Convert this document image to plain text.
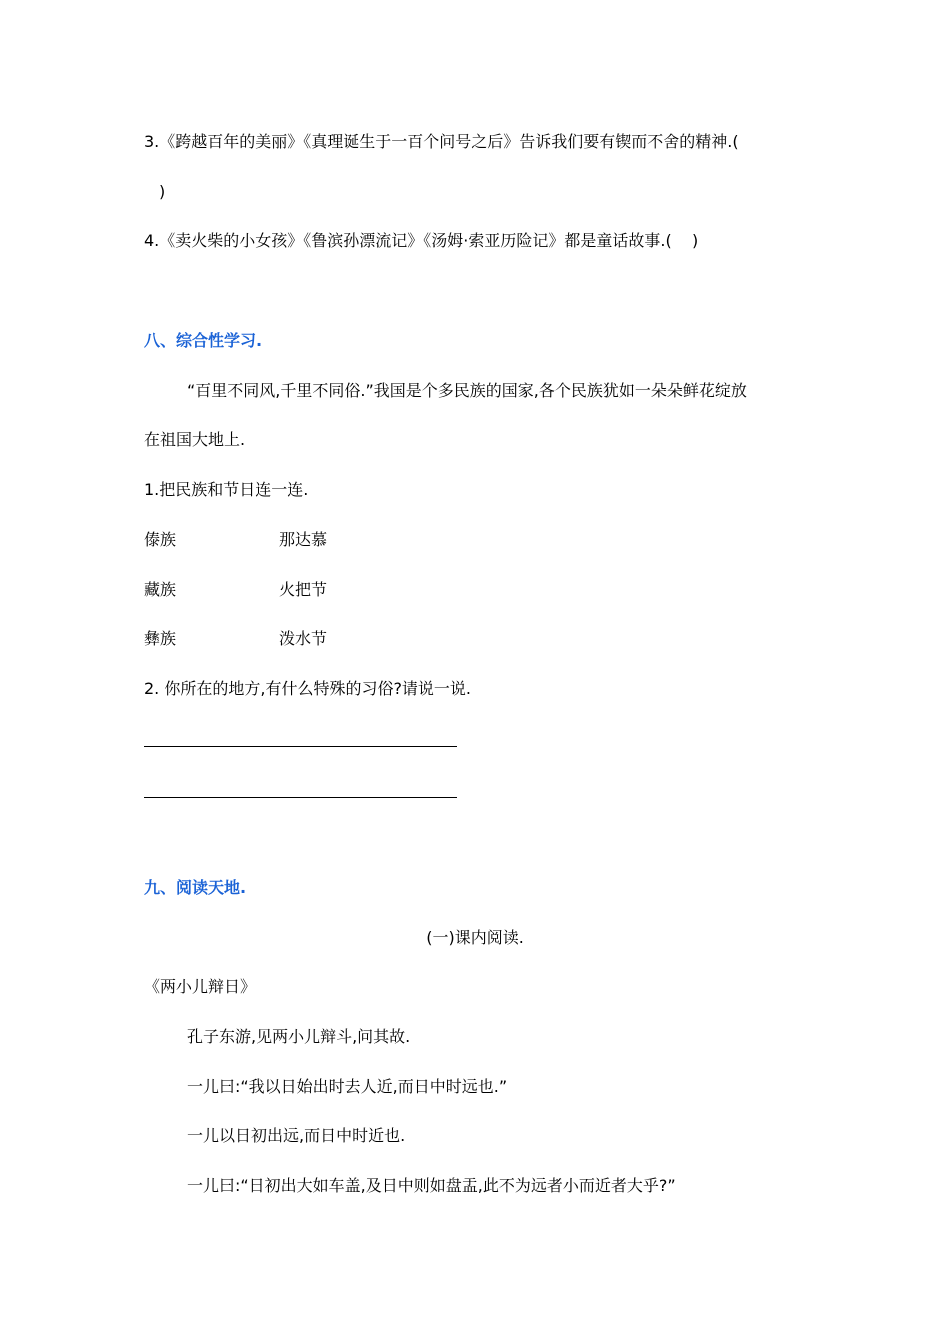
3.《跨越百年的美丽》《真理诞生于一百个问号之后》告诉我们要有锲而不舍的精神.(
)
4.《卖火柴的小女孩》《鲁滨孙漂流记》《汤姆·索亚历险记》都是童话故事.(    )
八、综合性学习.
“百里不同风,千里不同俗.”我国是个多民族的国家,各个民族犹如一朵朵鲜花绽放
在祖国大地上.
1.把民族和节日连一连.
傣族	那达慕
藏族	火把节
彝族	泼水节
2. 你所在的地方,有什么特殊的习俗?请说一说.
九、阅读天地.
(一)课内阅读.
《两小儿辩日》
孔子东游,见两小儿辩斗,问其故.
一儿曰:“我以日始出时去人近,而日中时远也.”
一儿以日初出远,而日中时近也.
一儿曰:“日初出大如车盖,及日中则如盘盂,此不为远者小而近者大乎?”
